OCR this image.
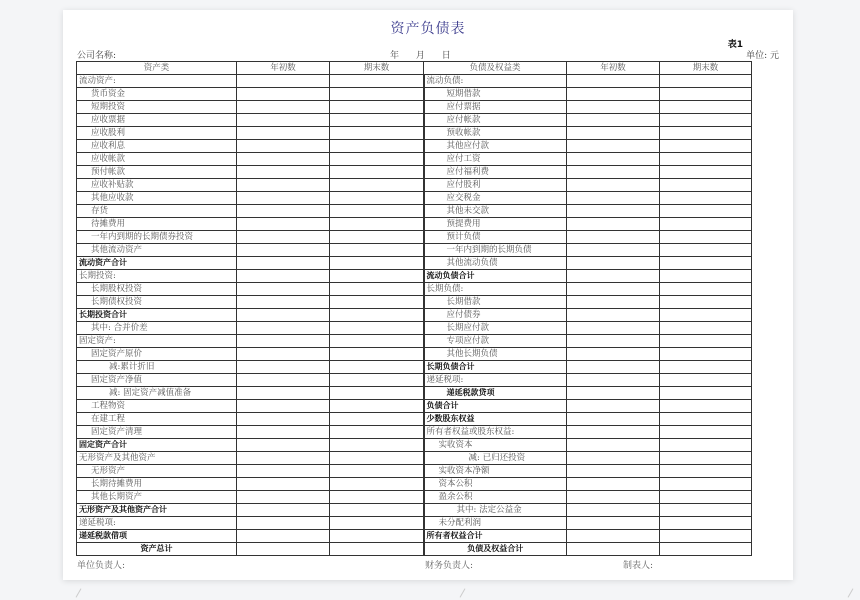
资产负债表
表1
公司名称:	年 月 日	单位: 元
资产类	年初数	期末数	负债及权益类	年初数	期末数
流动资产:			流动负债:		
货币资金			短期借款		
短期投资			应付票据		
应收票据			应付帐款		
应收股利			预收帐款		
应收利息			其他应付款		
应收帐款			应付工资		
预付帐款			应付福利费		
应收补贴款			应付股利		
其他应收款			应交税金		
存货			其他未交款		
待摊费用			预提费用		
一年内到期的长期债券投资			预计负债		
其他流动资产			一年内到期的长期负债		
流动资产合计			其他流动负债		
长期投资:			流动负债合计		
长期股权投资			长期负债:		
长期债权投资			长期借款		
长期投资合计			应付债券		
其中: 合并价差			长期应付款		
固定资产:			专项应付款		
固定资产原价			其他长期负债		
减:累计折旧			长期负债合计		
固定资产净值			递延税项:		
减: 固定资产减值准备			递延税款贷项		
工程物资			负债合计		
在建工程			少数股东权益		
固定资产清理			所有者权益或股东权益:		
固定资产合计			实收资本		
无形资产及其他资产			减: 已归还投资		
无形资产			实收资本净额		
长期待摊费用			资本公积		
其他长期资产			盈余公积		
无形资产及其他资产合计			其中: 法定公益金		
递延税项:			未分配利润		
递延税款借项			所有者权益合计		
资产总计			负债及权益合计		
单位负责人:	财务负责人:	制表人:
